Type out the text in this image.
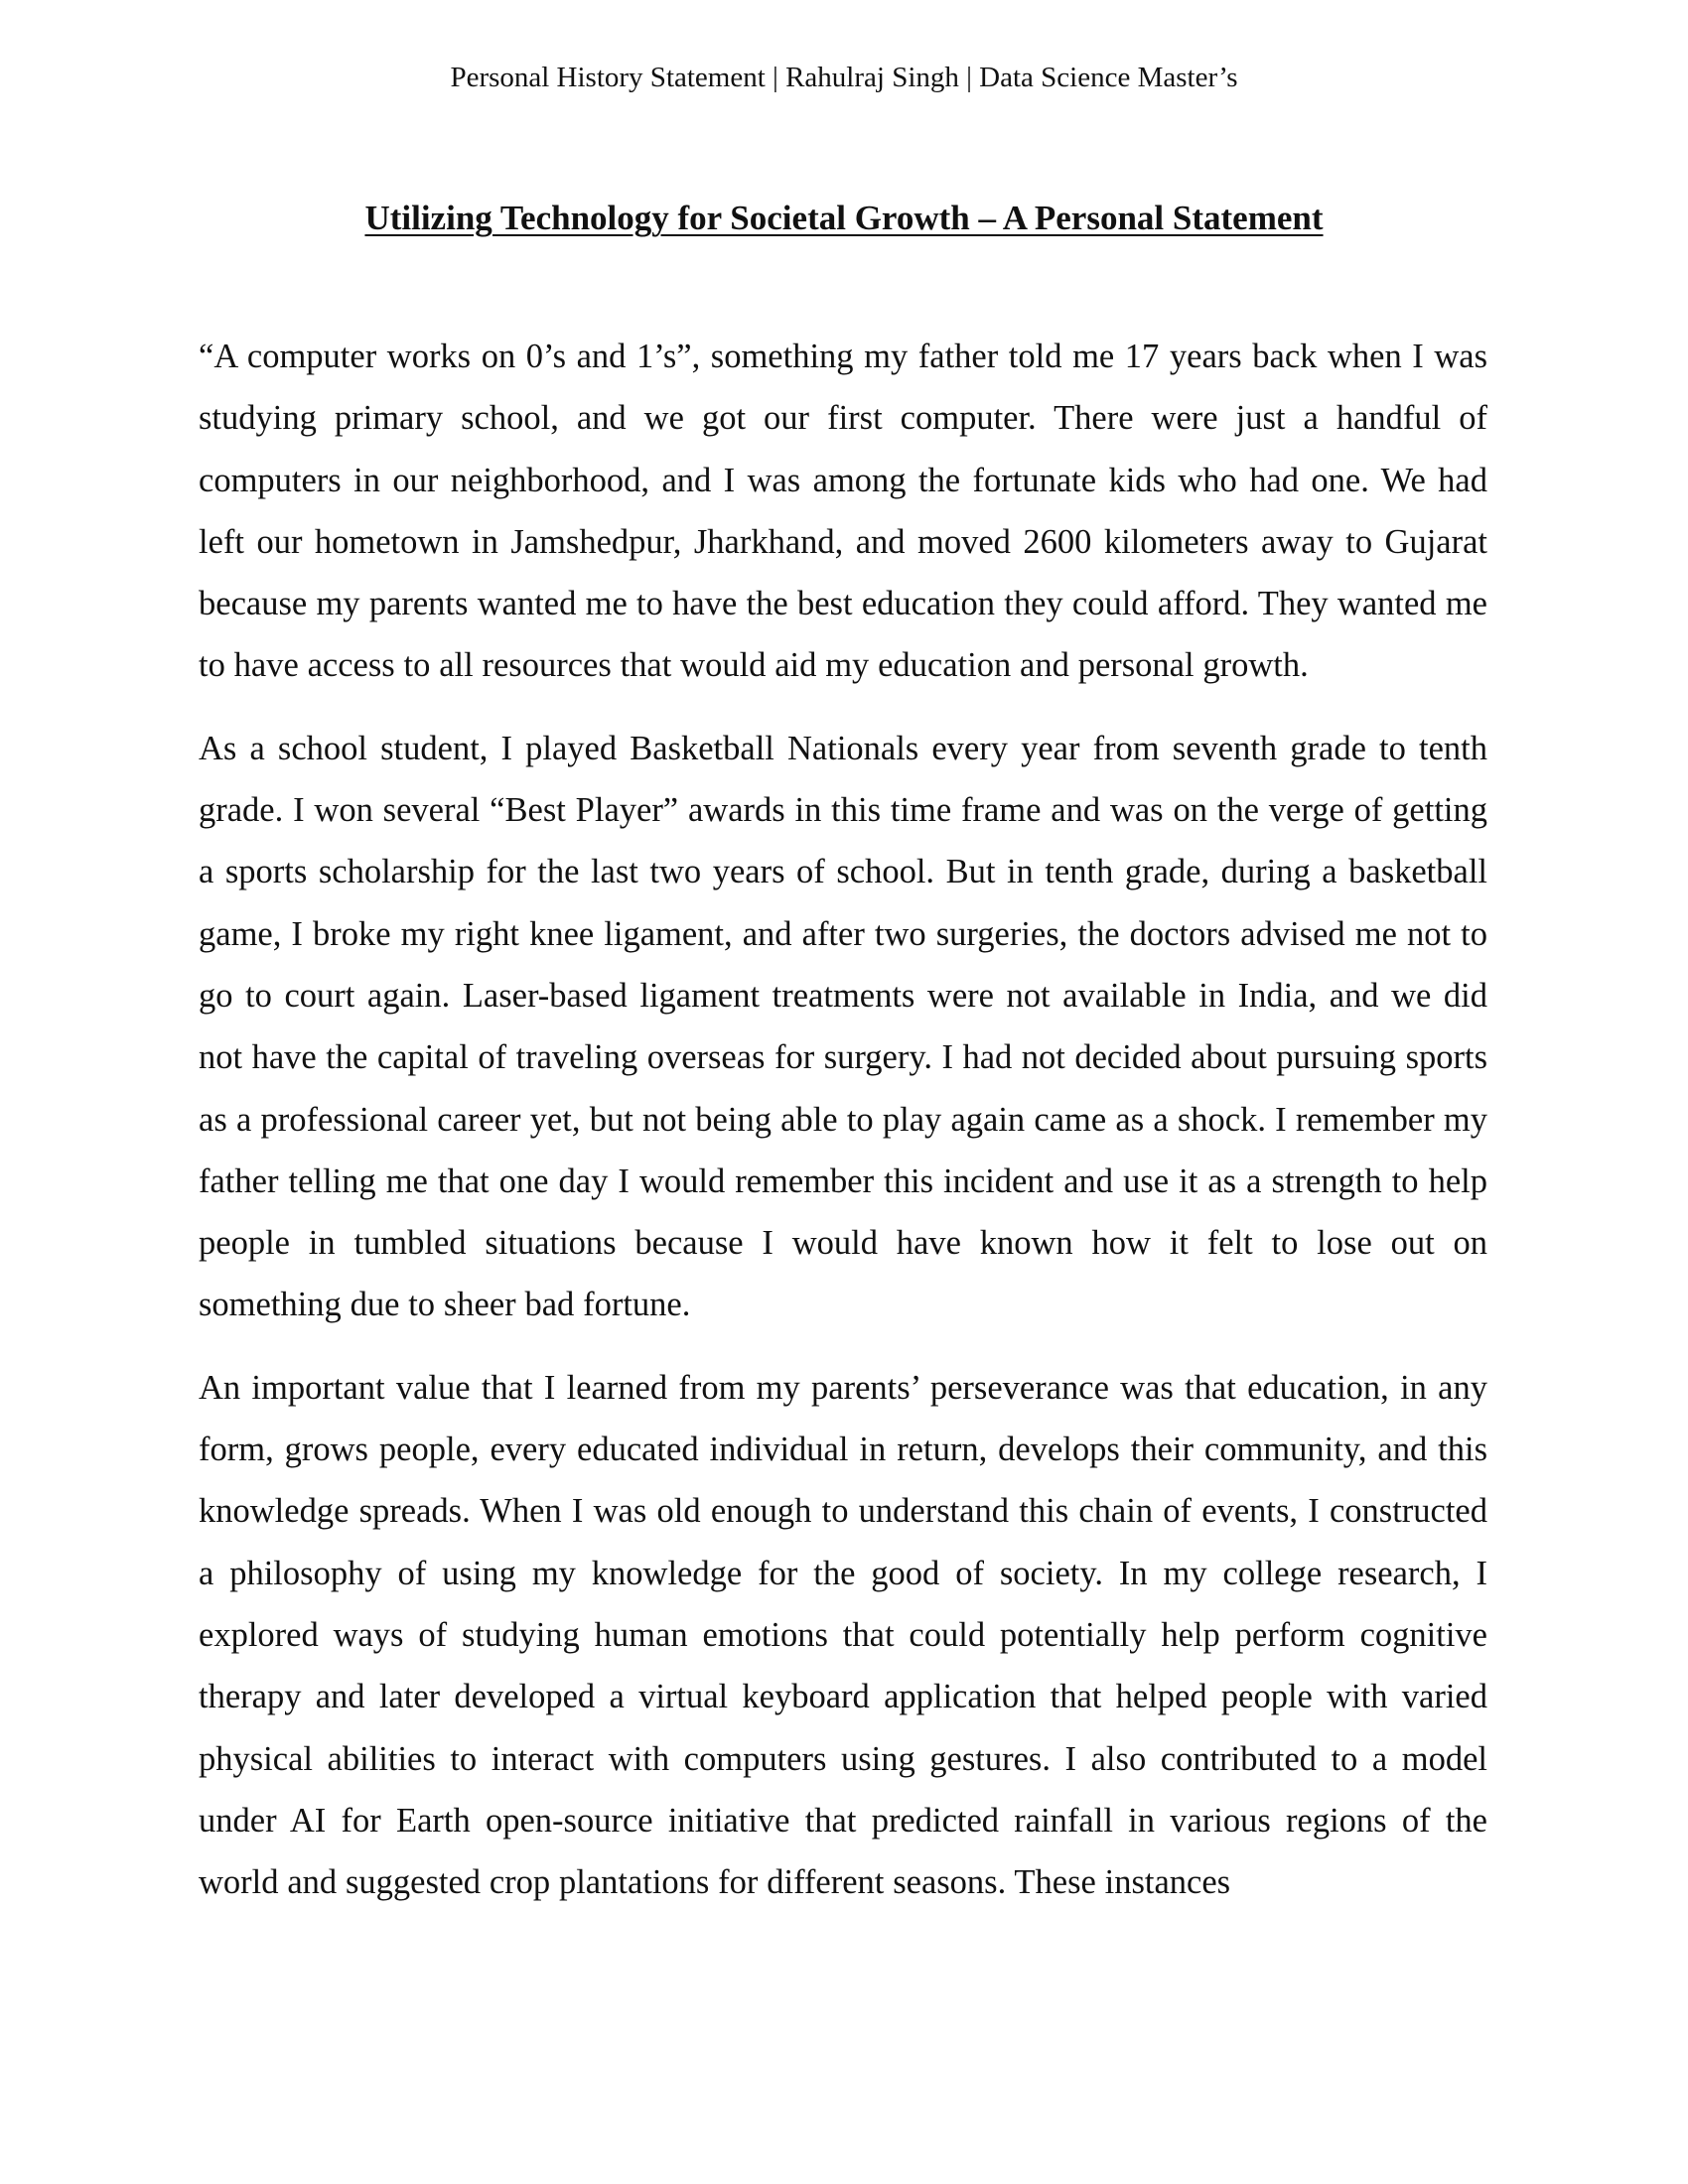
Personal History Statement | Rahulraj Singh | Data Science Master’s
Utilizing Technology for Societal Growth – A Personal Statement

“A computer works on 0’s and 1’s”, something my father told me 17 years back when I was studying primary school, and we got our first computer. There were just a handful of computers in our neighborhood, and I was among the fortunate kids who had one. We had left our hometown in Jamshedpur, Jharkhand, and moved 2600 kilometers away to Gujarat because my parents wanted me to have the best education they could afford. They wanted me to have access to all resources that would aid my education and personal growth.

As a school student, I played Basketball Nationals every year from seventh grade to tenth grade. I won several “Best Player” awards in this time frame and was on the verge of getting a sports scholarship for the last two years of school. But in tenth grade, during a basketball game, I broke my right knee ligament, and after two surgeries, the doctors advised me not to go to court again. Laser-based ligament treatments were not available in India, and we did not have the capital of traveling overseas for surgery. I had not decided about pursuing sports as a professional career yet, but not being able to play again came as a shock. I remember my father telling me that one day I would remember this incident and use it as a strength to help people in tumbled situations because I would have known how it felt to lose out on something due to sheer bad fortune.

An important value that I learned from my parents’ perseverance was that education, in any form, grows people, every educated individual in return, develops their community, and this knowledge spreads. When I was old enough to understand this chain of events, I constructed a philosophy of using my knowledge for the good of society. In my college research, I explored ways of studying human emotions that could potentially help perform cognitive therapy and later developed a virtual keyboard application that helped people with varied physical abilities to interact with computers using gestures. I also contributed to a model under AI for Earth open-source initiative that predicted rainfall in various regions of the world and suggested crop plantations for different seasons. These instances
